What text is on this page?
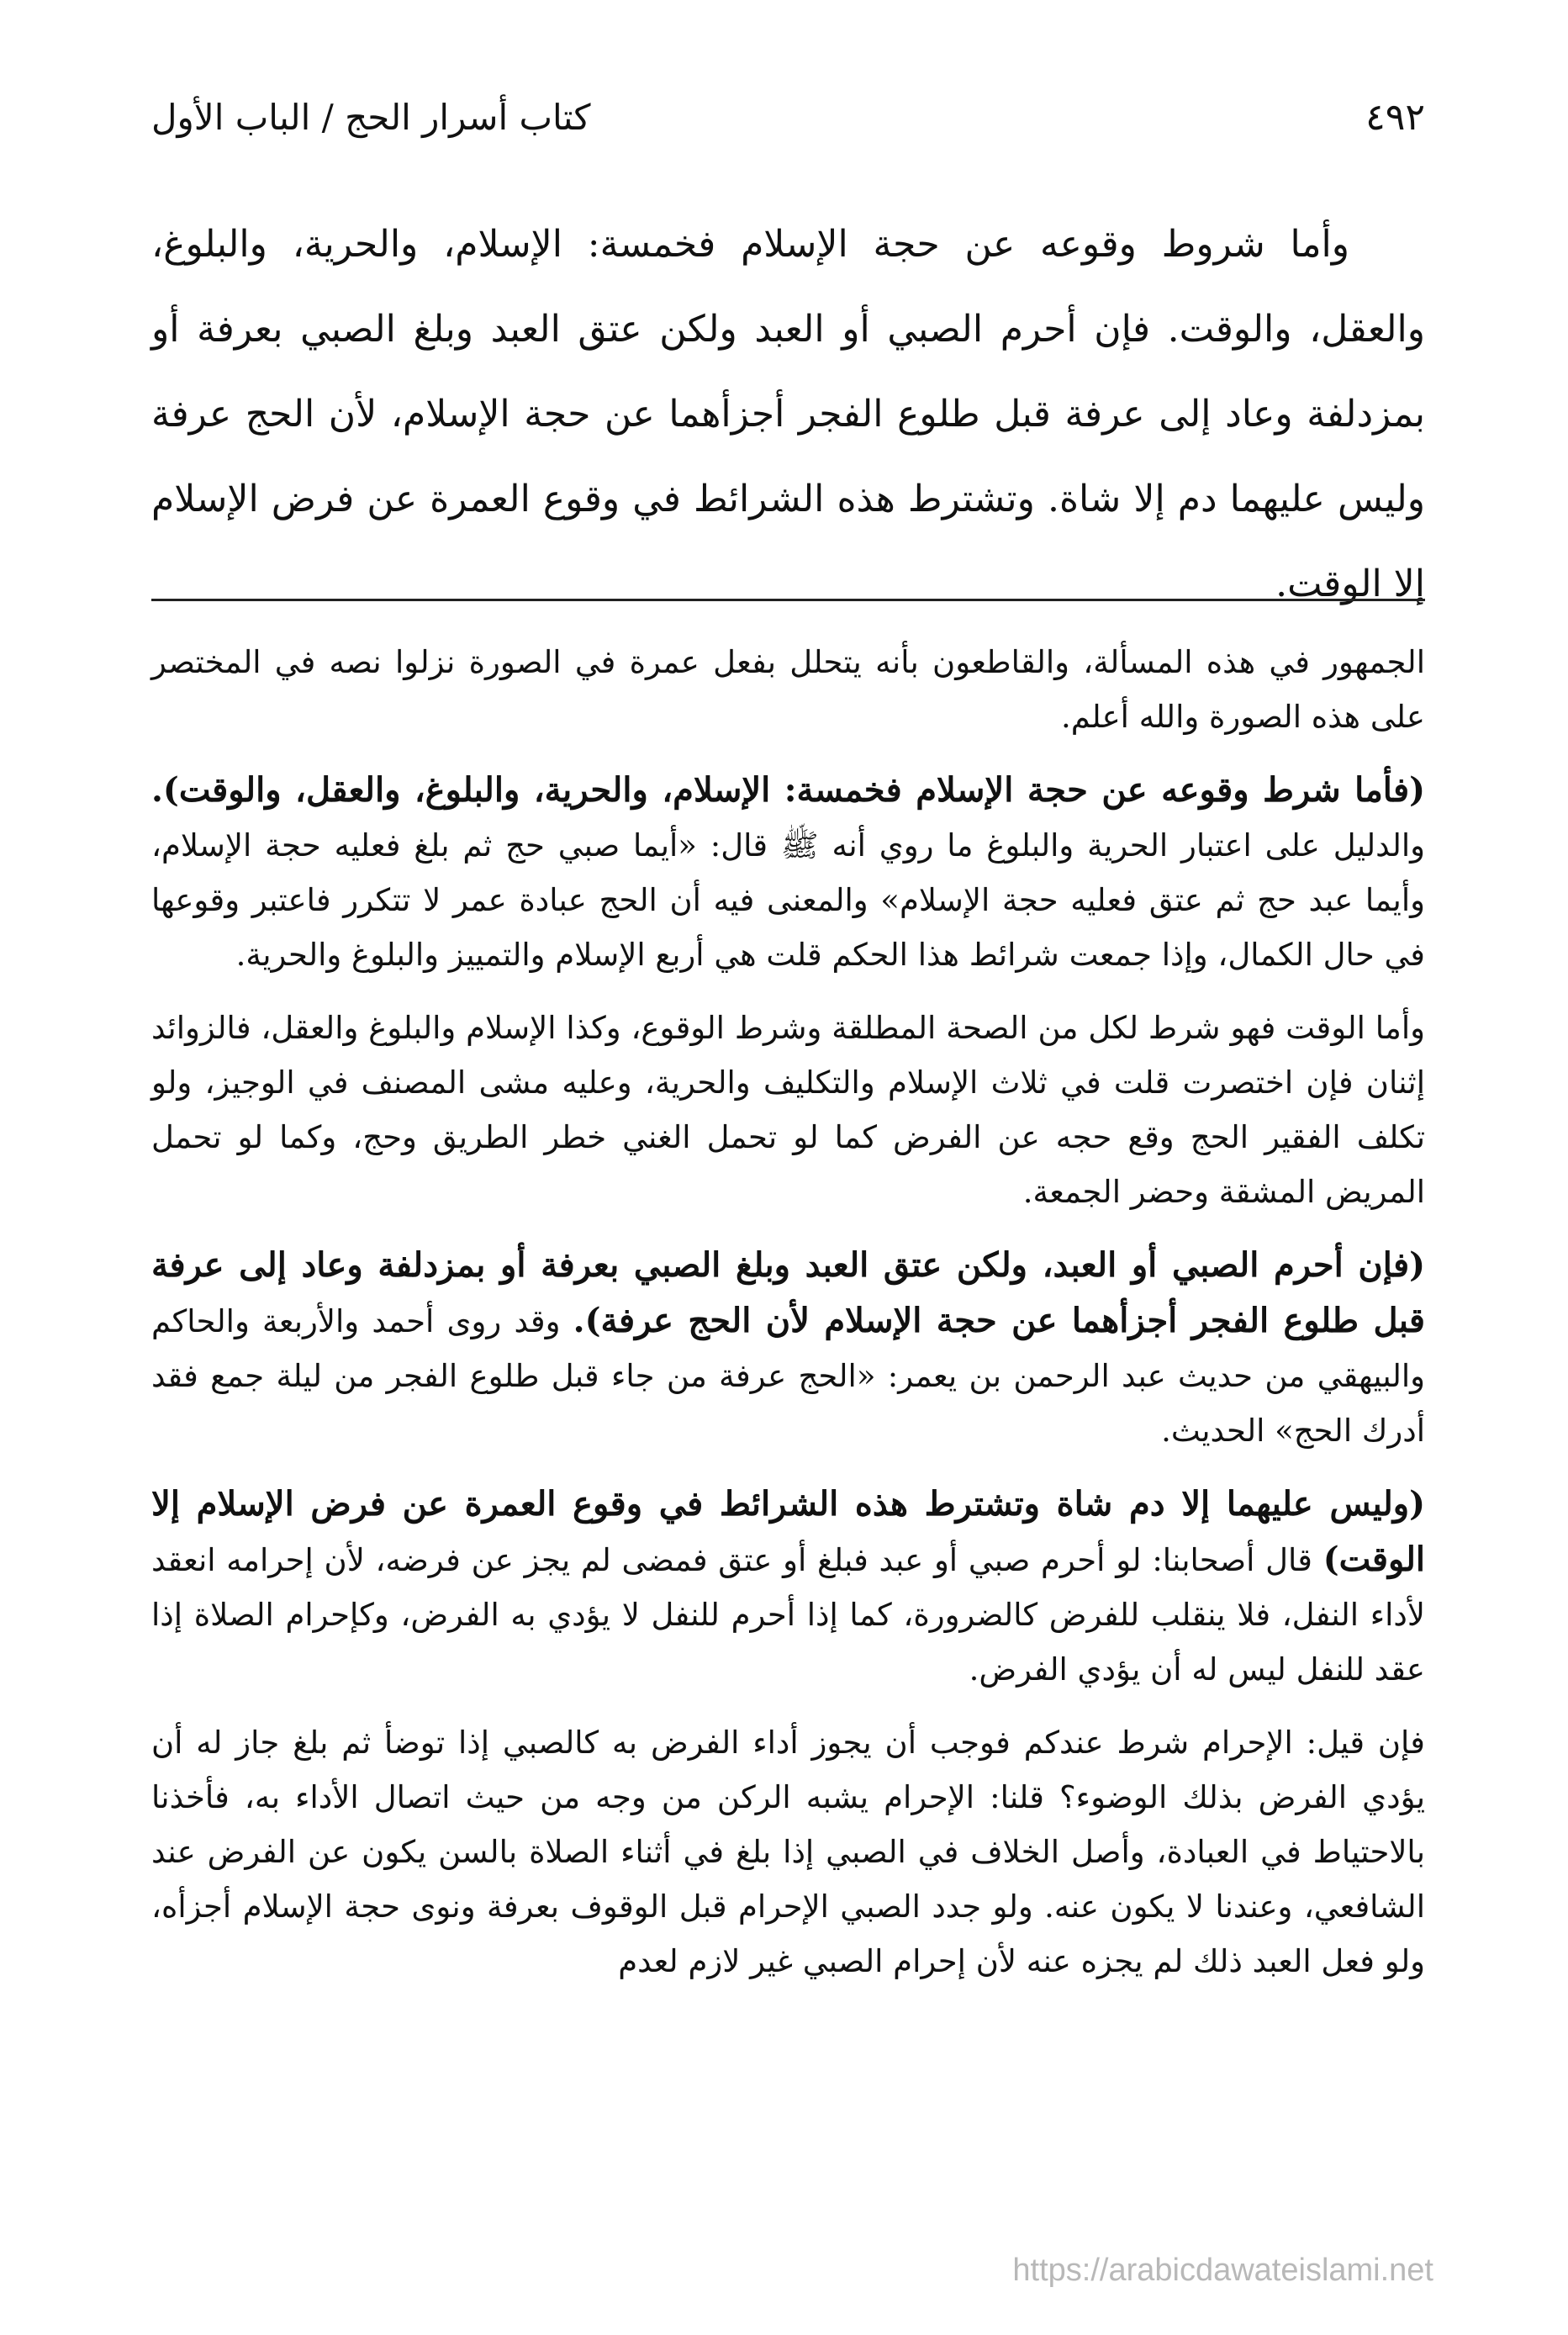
٤٩٢
كتاب أسرار الحج / الباب الأول

وأما شروط وقوعه عن حجة الإسلام فخمسة: الإسلام، والحرية، والبلوغ، والعقل، والوقت. فإن أحرم الصبي أو العبد ولكن عتق العبد وبلغ الصبي بعرفة أو بمزدلفة وعاد إلى عرفة قبل طلوع الفجر أجزأهما عن حجة الإسلام، لأن الحج عرفة وليس عليهما دم إلا شاة. وتشترط هذه الشرائط في وقوع العمرة عن فرض الإسلام إلا الوقت.

الجمهور في هذه المسألة، والقاطعون بأنه يتحلل بفعل عمرة في الصورة نزلوا نصه في المختصر على هذه الصورة والله أعلم.

(فأما شرط وقوعه عن حجة الإسلام فخمسة: الإسلام، والحرية، والبلوغ، والعقل، والوقت). والدليل على اعتبار الحرية والبلوغ ما روي أنه ﷺ قال: «أيما صبي حج ثم بلغ فعليه حجة الإسلام، وأيما عبد حج ثم عتق فعليه حجة الإسلام» والمعنى فيه أن الحج عبادة عمر لا تتكرر فاعتبر وقوعها في حال الكمال، وإذا جمعت شرائط هذا الحكم قلت هي أربع الإسلام والتمييز والبلوغ والحرية.

وأما الوقت فهو شرط لكل من الصحة المطلقة وشرط الوقوع، وكذا الإسلام والبلوغ والعقل، فالزوائد إثنان فإن اختصرت قلت في ثلاث الإسلام والتكليف والحرية، وعليه مشى المصنف في الوجيز، ولو تكلف الفقير الحج وقع حجه عن الفرض كما لو تحمل الغني خطر الطريق وحج، وكما لو تحمل المريض المشقة وحضر الجمعة.

(فإن أحرم الصبي أو العبد، ولكن عتق العبد وبلغ الصبي بعرفة أو بمزدلفة وعاد إلى عرفة قبل طلوع الفجر أجزأهما عن حجة الإسلام لأن الحج عرفة). وقد روى أحمد والأربعة والحاكم والبيهقي من حديث عبد الرحمن بن يعمر: «الحج عرفة من جاء قبل طلوع الفجر من ليلة جمع فقد أدرك الحج» الحديث.

(وليس عليهما إلا دم شاة وتشترط هذه الشرائط في وقوع العمرة عن فرض الإسلام إلا الوقت) قال أصحابنا: لو أحرم صبي أو عبد فبلغ أو عتق فمضى لم يجز عن فرضه، لأن إحرامه انعقد لأداء النفل، فلا ينقلب للفرض كالضرورة، كما إذا أحرم للنفل لا يؤدي به الفرض، وكإحرام الصلاة إذا عقد للنفل ليس له أن يؤدي الفرض.

فإن قيل: الإحرام شرط عندكم فوجب أن يجوز أداء الفرض به كالصبي إذا توضأ ثم بلغ جاز له أن يؤدي الفرض بذلك الوضوء؟ قلنا: الإحرام يشبه الركن من وجه من حيث اتصال الأداء به، فأخذنا بالاحتياط في العبادة، وأصل الخلاف في الصبي إذا بلغ في أثناء الصلاة بالسن يكون عن الفرض عند الشافعي، وعندنا لا يكون عنه. ولو جدد الصبي الإحرام قبل الوقوف بعرفة ونوى حجة الإسلام أجزأه، ولو فعل العبد ذلك لم يجزه عنه لأن إحرام الصبي غير لازم لعدم

https://arabicdawateislami.net
